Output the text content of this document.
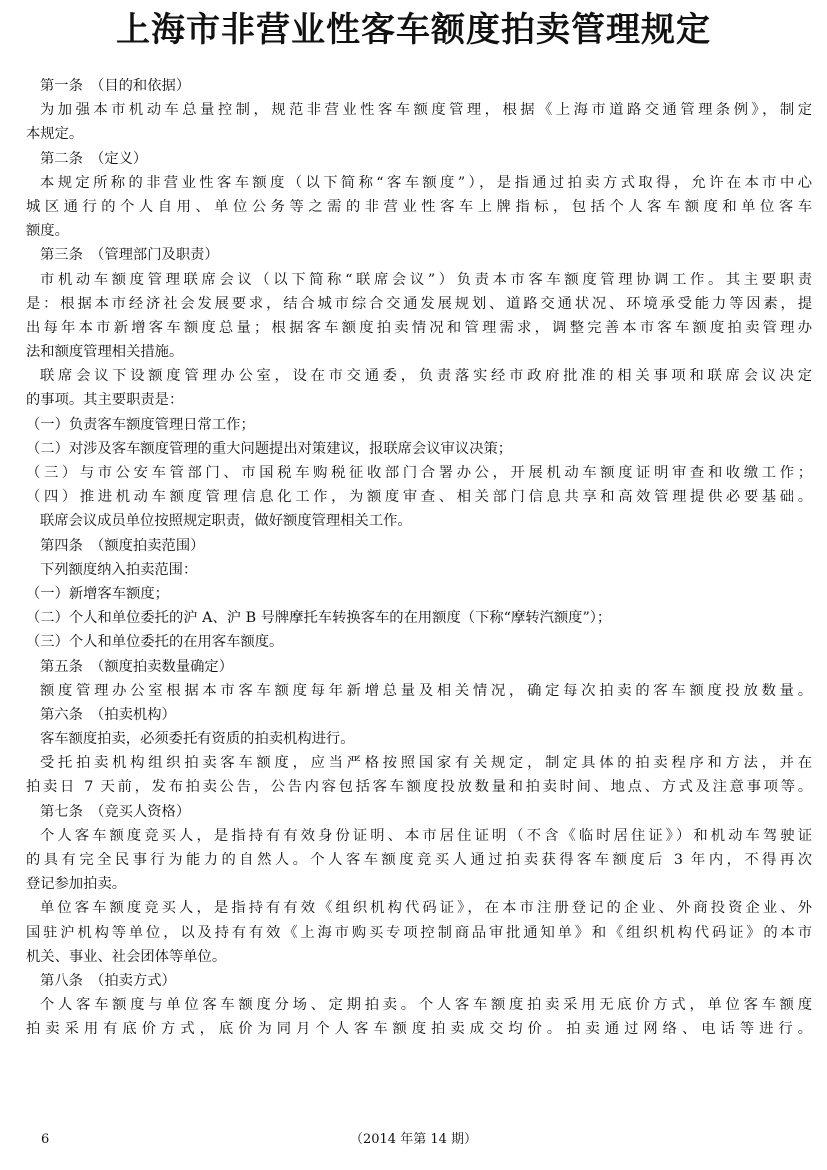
上海市非营业性客车额度拍卖管理规定
第一条　（目的和依据）
为加强本市机动车总量控制，规范非营业性客车额度管理，根据《上海市道路交通管理条例》，制定
本规定。
第二条　（定义）
本规定所称的非营业性客车额度（以下简称“客车额度”），是指通过拍卖方式取得，允许在本市中心
城区通行的个人自用、单位公务等之需的非营业性客车上牌指标，包括个人客车额度和单位客车
额度。
第三条　（管理部门及职责）
市机动车额度管理联席会议（以下简称“联席会议”）负责本市客车额度管理协调工作。其主要职责
是：根据本市经济社会发展要求，结合城市综合交通发展规划、道路交通状况、环境承受能力等因素，提
出每年本市新增客车额度总量；根据客车额度拍卖情况和管理需求，调整完善本市客车额度拍卖管理办
法和额度管理相关措施。
联席会议下设额度管理办公室，设在市交通委，负责落实经市政府批准的相关事项和联席会议决定
的事项。其主要职责是：
（一）负责客车额度管理日常工作；
（二）对涉及客车额度管理的重大问题提出对策建议，报联席会议审议决策；
（三）与市公安车管部门、市国税车购税征收部门合署办公，开展机动车额度证明审查和收缴工作；
（四）推进机动车额度管理信息化工作，为额度审查、相关部门信息共享和高效管理提供必要基础。
联席会议成员单位按照规定职责，做好额度管理相关工作。
第四条　（额度拍卖范围）
下列额度纳入拍卖范围：
（一）新增客车额度；
（二）个人和单位委托的沪 A、沪 B 号牌摩托车转换客车的在用额度（下称“摩转汽额度”）；
（三）个人和单位委托的在用客车额度。
第五条　（额度拍卖数量确定）
额度管理办公室根据本市客车额度每年新增总量及相关情况，确定每次拍卖的客车额度投放数量。
第六条　（拍卖机构）
客车额度拍卖，必须委托有资质的拍卖机构进行。
受托拍卖机构组织拍卖客车额度，应当严格按照国家有关规定，制定具体的拍卖程序和方法，并在
拍卖日 7 天前，发布拍卖公告，公告内容包括客车额度投放数量和拍卖时间、地点、方式及注意事项等。
第七条　（竞买人资格）
个人客车额度竞买人，是指持有有效身份证明、本市居住证明（不含《临时居住证》）和机动车驾驶证
的具有完全民事行为能力的自然人。个人客车额度竞买人通过拍卖获得客车额度后 3 年内，不得再次
登记参加拍卖。
单位客车额度竞买人，是指持有有效《组织机构代码证》，在本市注册登记的企业、外商投资企业、外
国驻沪机构等单位，以及持有有效《上海市购买专项控制商品审批通知单》和《组织机构代码证》的本市
机关、事业、社会团体等单位。
第八条　（拍卖方式）
个人客车额度与单位客车额度分场、定期拍卖。个人客车额度拍卖采用无底价方式，单位客车额度
拍卖采用有底价方式，底价为同月个人客车额度拍卖成交均价。拍卖通过网络、电话等进行。
6	（2014 年第 14 期）
